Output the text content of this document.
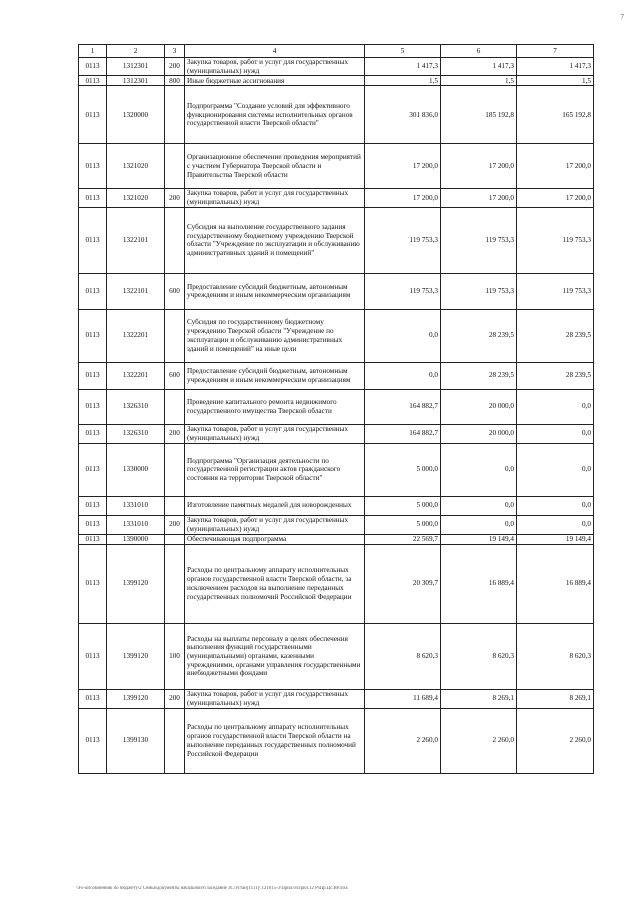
7
1	2	3	4	5	6	7
0113	1312301	200	Закупка товаров, работ и услуг для государственных (муниципальных) нужд	1 417,3	1 417,3	1 417,3
0113	1312301	800	Иные бюджетные ассигнования	1,5	1,5	1,5
0113	1320000		Подпрограмма "Создание условий для эффективного функционирования системы исполнительных органов государственной власти Тверской области"	301 836,0	185 192,8	165 192,8
0113	1321020		Организационное обеспечение проведения мероприятий с участием Губернатора Тверской области и Правительства Тверской области	17 200,0	17 200,0	17 200,0
0113	1321020	200	Закупка товаров, работ и услуг для государственных (муниципальных) нужд	17 200,0	17 200,0	17 200,0
0113	1322101		Субсидия на выполнение государственного задания государственному бюджетному учреждению Тверской области "Учреждение по эксплуатации и обслуживанию административных зданий и помещений"	119 753,3	119 753,3	119 753,3
0113	1322101	600	Предоставление субсидий бюджетным, автономным учреждениям и иным некоммерческим организациям	119 753,3	119 753,3	119 753,3
0113	1322201		Субсидия по государственному бюджетному учреждению Тверской области "Учреждение по эксплуатации и обслуживанию административных зданий и помещений" на иные цели	0,0	28 239,5	28 239,5
0113	1322201	600	Предоставление субсидий бюджетным, автономным учреждениям и иным некоммерческим организациям	0,0	28 239,5	28 239,5
0113	1326310		Проведение капитального ремонта недвижимого государственного имущества Тверской области	164 882,7	20 000,0	0,0
0113	1326310	200	Закупка товаров, работ и услуг для государственных (муниципальных) нужд	164 882,7	20 000,0	0,0
0113	1330000		Подпрограмма "Организация деятельности по государственной регистрации актов гражданского состояния на территории Тверской области"	5 000,0	0,0	0,0
0113	1331010		Изготовление памятных медалей для новорожденных	5 000,0	0,0	0,0
0113	1331010	200	Закупка товаров, работ и услуг для государственных (муниципальных) нужд	5 000,0	0,0	0,0
0113	1390000		Обеспечивающая подпрограмма	22 569,7	19 149,4	19 149,4
0113	1399120		Расходы по центральному аппарату исполнительных органов государственной власти Тверской области, за исключением расходов на выполнение переданных государственных полномочий Российской Федерации	20 309,7	16 889,4	16 889,4
0113	1399120	100	Расходы на выплаты персоналу в целях обеспечения выполнения функций государственными (муниципальными) органами, казенными учреждениями, органами управления государственными внебюджетными фондами	8 620,3	8 620,3	8 620,3
0113	1399120	200	Закупка товаров, работ и услуг для государственных (муниципальных) нужд	11 689,4	8 269,1	8 269,1
0113	1399130		Расходы по центральному аппарату исполнительных органов государственной власти Тверской области на выполнение переданных государственных полномочий Российской Федерации	2 260,0	2 260,0	2 260,0
\\Fs-ufo\обменник по бюджету\2 Семья\документы начальной\6 заседание ЗС\Устан[1111]\ 121015-3\Прил.6\Прил.12 РзПр.Цс.ВР.xlsx
